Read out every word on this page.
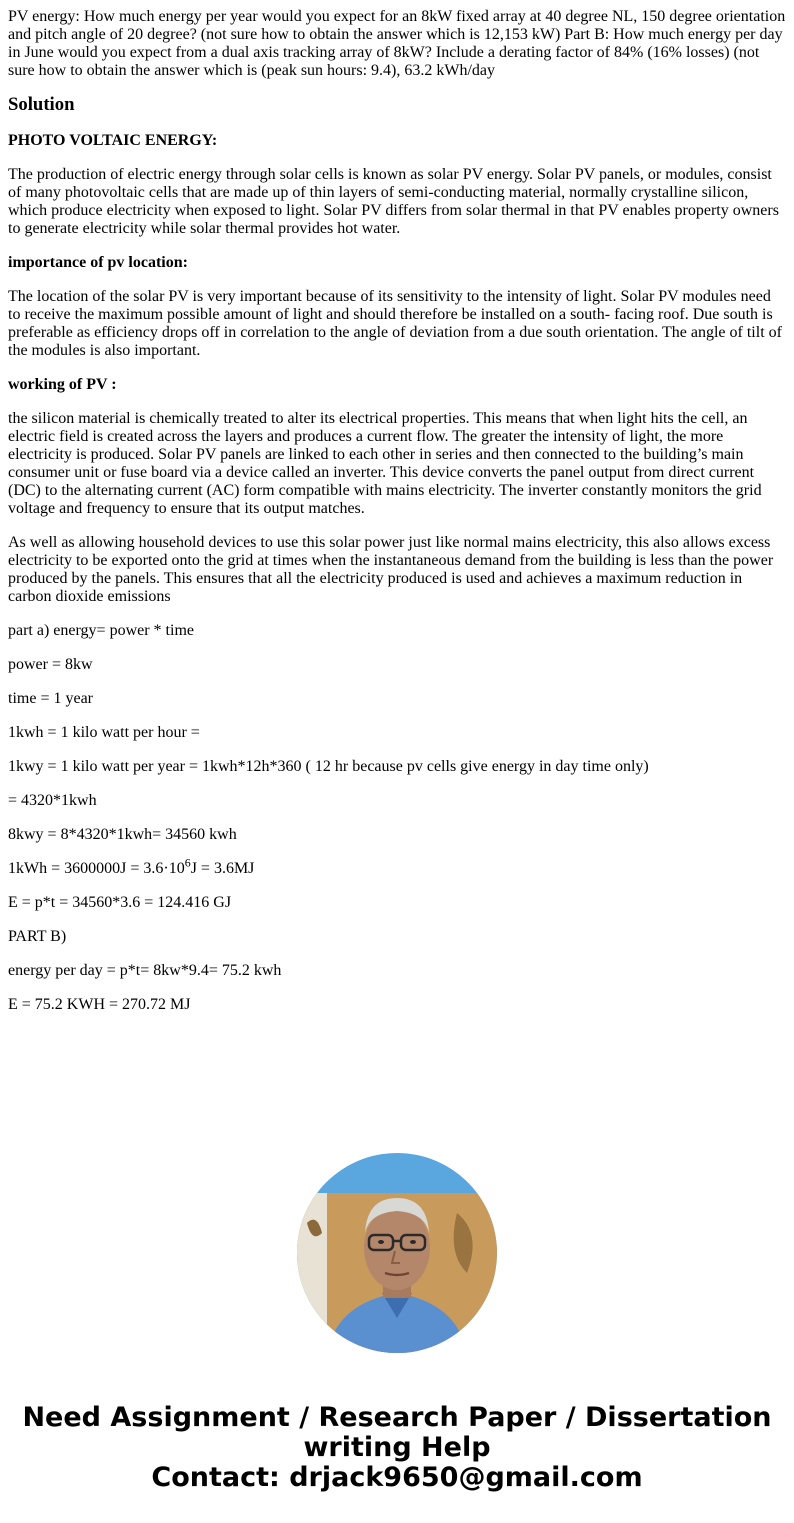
PV energy: How much energy per year would you expect for an 8kW fixed array at 40 degree NL, 150 degree orientation and pitch angle of 20 degree? (not sure how to obtain the answer which is 12,153 kW) Part B: How much energy per day in June would you expect from a dual axis tracking array of 8kW? Include a derating factor of 84% (16% losses) (not sure how to obtain the answer which is (peak sun hours: 9.4), 63.2 kWh/day

Solution

PHOTO VOLTAIC ENERGY:

The production of electric energy through solar cells is known as solar PV energy. Solar PV panels, or modules, consist of many photovoltaic cells that are made up of thin layers of semi-conducting material, normally crystalline silicon, which produce electricity when exposed to light. Solar PV differs from solar thermal in that PV enables property owners to generate electricity while solar thermal provides hot water.

importance of pv location:

The location of the solar PV is very important because of its sensitivity to the intensity of light. Solar PV modules need to receive the maximum possible amount of light and should therefore be installed on a south- facing roof. Due south is preferable as efficiency drops off in correlation to the angle of deviation from a due south orientation. The angle of tilt of the modules is also important.

working of PV :

the silicon material is chemically treated to alter its electrical properties. This means that when light hits the cell, an electric field is created across the layers and produces a current flow. The greater the intensity of light, the more electricity is produced. Solar PV panels are linked to each other in series and then connected to the building’s main consumer unit or fuse board via a device called an inverter. This device converts the panel output from direct current (DC) to the alternating current (AC) form compatible with mains electricity. The inverter constantly monitors the grid voltage and frequency to ensure that its output matches.

As well as allowing household devices to use this solar power just like normal mains electricity, this also allows excess electricity to be exported onto the grid at times when the instantaneous demand from the building is less than the power produced by the panels. This ensures that all the electricity produced is used and achieves a maximum reduction in carbon dioxide emissions

part a) energy= power * time

power = 8kw

time = 1 year

1kwh = 1 kilo watt per hour =

1kwy = 1 kilo watt per year = 1kwh*12h*360 ( 12 hr because pv cells give energy in day time only)

= 4320*1kwh

8kwy = 8*4320*1kwh= 34560 kwh

$1kWh = 3600000J = 3.6\cdot 10^6J = 3.6MJ$

E = p*t = 34560*3.6 = 124.416 GJ

PART B)

energy per day = p*t= 8kw*9.4= 75.2 kwh

E = 75.2 KWH = 270.72 MJ

Need Assignment / Research Paper / Dissertation
writing Help
Contact: drjack9650@gmail.com
